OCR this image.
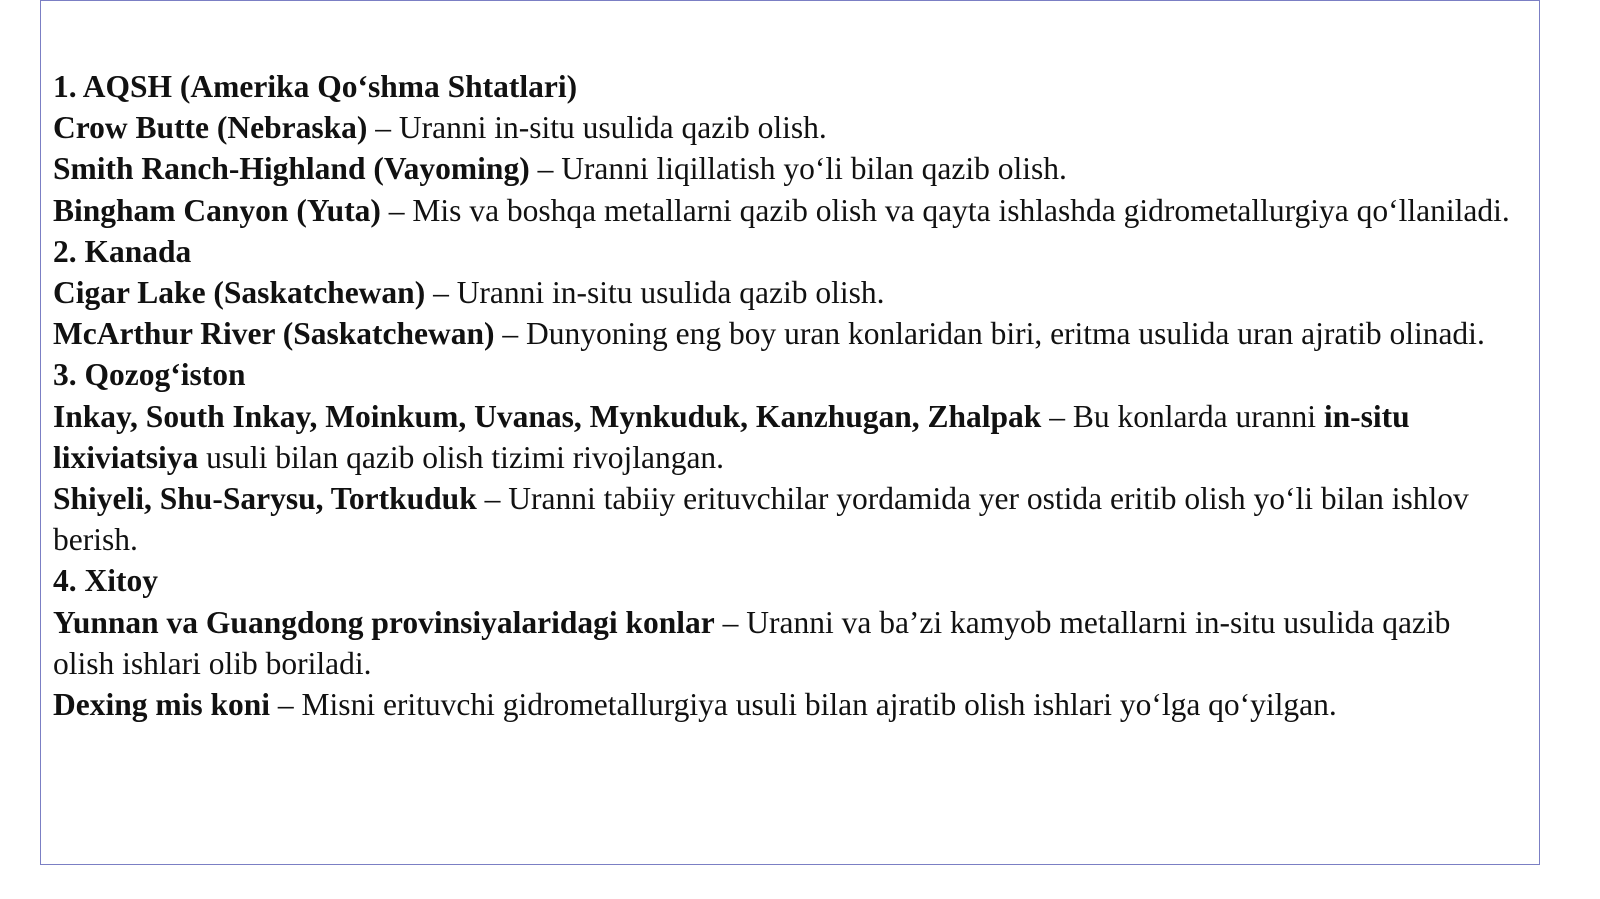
1. AQSH (Amerika Qo‘shma Shtatlari)

Crow Butte (Nebraska) – Uranni in-situ usulida qazib olish.

Smith Ranch-Highland (Vayoming) – Uranni liqillatish yo‘li bilan qazib olish.

Bingham Canyon (Yuta) – Mis va boshqa metallarni qazib olish va qayta ishlashda gidrometallurgiya qo‘llaniladi.

2. Kanada

Cigar Lake (Saskatchewan) – Uranni in-situ usulida qazib olish.

McArthur River (Saskatchewan) – Dunyoning eng boy uran konlaridan biri, eritma usulida uran ajratib olinadi.

3. Qozog‘iston

Inkay, South Inkay, Moinkum, Uvanas, Mynkuduk, Kanzhugan, Zhalpak – Bu konlarda uranni in-situ lixiviatsiya usuli bilan qazib olish tizimi rivojlangan.

Shiyeli, Shu-Sarysu, Tortkuduk – Uranni tabiiy erituvchilar yordamida yer ostida eritib olish yo‘li bilan ishlov berish.

4. Xitoy

Yunnan va Guangdong provinsiyalaridagi konlar – Uranni va ba’zi kamyob metallarni in-situ usulida qazib olish ishlari olib boriladi.

Dexing mis koni – Misni erituvchi gidrometallurgiya usuli bilan ajratib olish ishlari yo‘lga qo‘yilgan.
